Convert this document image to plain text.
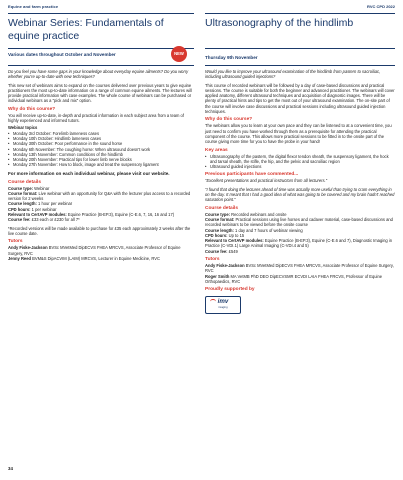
Equine and farm practice	RVC CPD 2022
Webinar Series: Fundamentals of equine practice
Various dates throughout October and November	NEW

Do you feel you have some gaps in your knowledge about everyday equine ailments? Do you worry whether you're up-to-date with new techniques?

This new set of webinars aims to expand on the courses delivered over previous years to give equine practitioners the most up-to-date information on a range of common equine ailments. The lectures will provide practical information with case examples. The whole course of webinars can be purchased or individual webinars as a "pick and mix" option.

Why do this course?

You will receive up-to-date, in-depth and practical information in each subject area from a team of highly experienced and informed tutors.

Webinar topics
• Monday 3rd October: Forelimb lameness cases
• Monday 10th October: Hindlimb lameness cases
• Monday 30th October: Poor performance in the sound horse
• Monday 6th November: The coughing horse: When ultrasound doesn't work
• Monday 13th November: Common conditions of the hindlimb
• Monday 20th November: Practical tips for lower limb nerve blocks
• Monday 27th November: How to block, image and treat the suspensory ligament

For more information on each individual webinar, please visit our website.

Course details

Course type: Webinar

Course format: Live webinar with an opportunity for Q&A with the lecturer plus access to a recorded version for 2 weeks

Course length: 1 hour per webinar

CPD hours: 1 per webinar

Relevant to CertAVP modules: Equine Practice (B-EP.3), Equine (C-E.6, 7, 16, 16 and 17)

Course fee: £33 each or £230 for all 7*

*Recorded versions will be made available to purchase for £35 each approximately 2 weeks after the live course date.

Tutors

Andy Fiske-Jackson BVSc MVetMed DipECVS FHEA MRCVS, Associate Professor of Equine Surgery, RVC

Jenny Reed BVM&S DipACVIM (LAIM) MRCVS, Lecturer in Equine Medicine, RVC

Ultrasonography of the hindlimb
Thursday 9th November

Would you like to improve your ultrasound examination of the hindlimb from pastern to sacroiliac, including ultrasound guided injections?

This course of recorded webinars will be followed by a day of case-based discussions and practical sessions. The course is suitable for both the beginner and advanced practitioner. The webinars will cover applied anatomy, different ultrasound techniques and acquisition of diagnostic images. There will be plenty of practical hints and tips to get the most out of your ultrasound examination. The on-site part of the course will involve case discussions and practical sessions including ultrasound guided injection techniques.

Why do this course?

The webinars allow you to learn at your own pace and they can be listened to at a convenient time, you just need to confirm you have worked through them as a prerequisite for attending the practical component of the course. This allows more practical sessions to be fitted in to the onsite part of the course giving more time for you to have the probe in your hand!

Key areas
• Ultrasonography of the pastern, the digital flexor tendon sheath, the suspensory ligament, the hock and tarsal sheath, the stifle, the hip, and the pelvic and sacroiliac region
• Ultrasound guided injections
Previous participants have commented...

"Excellent presentations and practical instructors from all lecturers."

"I found that doing the lectures ahead of time was actually more useful than trying to cram everything in on the day. It meant that I had a good idea of what was going to be covered and my brain hadn't reached saturation point."

Course details

Course type: Recorded webinars and onsite

Course format: Practical sessions using live horses and cadaver material, case-based discussions and recorded webinars to be viewed before the onsite course

Course length: 1 day and 7 hours of webinar viewing

CPD hours: Up to 15

Relevant to CertAVP modules: Equine Practice (B-EP.3), Equine (C-E.6 and 7), Diagnostic Imaging in Practice (C-VDI.1) Large Animal Imaging (C-VDI.4 and 5)

Course fee: £549

Tutors

Andy Fiske-Jackson BVSc MVetMed DipECVS FHEA MRCVS, Associate Professor of Equine Surgery, RVC

Roger Smith MA VetMB PhD DEO DipECVSMR ECVDI LAIA FHEA FRCVS, Professor of Equine Orthopaedics, RVC

Proudly supported by
imv
imaging
34
